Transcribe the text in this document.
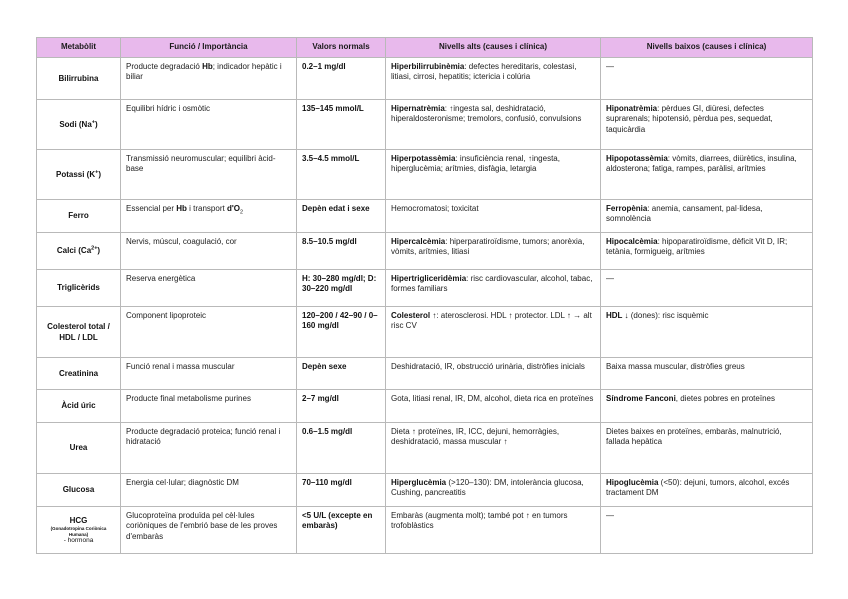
Metabòlit	Funció / Importància	Valors normals	Nivells alts (causes i clínica)	Nivells baixos (causes i clínica)
Bilirrubina	Producte degradació Hb; indicador hepàtic i biliar	0.2–1 mg/dl	Hiperbilirrubinèmia: defectes hereditaris, colestasi, litiasi, cirrosi, hepatitis; ictericia i colúria	—
Sodi (Na+)	Equilibri hídric i osmòtic	135–145 mmol/L	Hipernatrèmia: ↑ingesta sal, deshidratació, hiperaldosteronisme; tremolors, confusió, convulsions	Hiponatrèmia: pèrdues GI, diüresi, defectes suprarenals; hipotensió, pèrdua pes, sequedat, taquicàrdia
Potassi (K+)	Transmissió neuromuscular; equilibri àcid-base	3.5–4.5 mmol/L	Hiperpotassèmia: insuficiència renal, ↑ingesta, hiperglucèmia; arítmies, disfàgia, letargia	Hipopotassèmia: vòmits, diarrees, diürètics, insulina, aldosterona; fatiga, rampes, paràlisi, arítmies
Ferro	Essencial per Hb i transport $d'O_2$	Depèn edat i sexe	Hemocromatosi; toxicitat	Ferropènia: anemia, cansament, pal·lidesa, somnolència
Calci $(Ca^{2+})$	Nervis, múscul, coagulació, cor	8.5–10.5 mg/dl	Hipercalcèmia: hiperparatiroïdisme, tumors; anorèxia, vòmits, arítmies, litiasi	Hipocalcèmia: hipoparatiroïdisme, dèficit Vit D, IR; tetània, formigueig, arítmies
Triglicèrids	Reserva energètica	H: 30–280 mg/dl; D: 30–220 mg/dl	Hipertrigliceridèmia: risc cardiovascular, alcohol, tabac, formes familiars	—
Colesterol total / HDL / LDL	Component lipoproteic	120–200 / 42–90 / 0–160 mg/dl	Colesterol ↑: aterosclerosi. HDL ↑ protector. LDL ↑ → alt risc CV	HDL ↓ (dones): risc isquèmic
Creatinina	Funció renal i massa muscular	Depèn sexe	Deshidratació, IR, obstrucció urinària, distròfies inicials	Baixa massa muscular, distròfies greus
Àcid úric	Producte final metabolisme purines	2–7 mg/dl	Gota, litiasi renal, IR, DM, alcohol, dieta rica en proteïnes	Síndrome Fanconi, dietes pobres en proteïnes
Urea	Producte degradació proteica; funció renal i hidratació	0.6–1.5 mg/dl	Dieta ↑ proteïnes, IR, ICC, dejuni, hemorràgies, deshidratació, massa muscular ↑	Dietes baixes en proteïnes, embaràs, malnutrició, fallada hepàtica
Glucosa	Energia cel·lular; diagnòstic DM	70–110 mg/dl	Hiperglucèmia (>120–130): DM, intolerància glucosa, Cushing, pancreatitis	Hipoglucèmia (<50): dejuni, tumors, alcohol, excés tractament DM
HCG
(Gonadotropina Coriònica Humana)
- hormona	Glucoproteïna produïda pel cèl·lules coriòniques de l'embrió base de les proves d'embaràs	<5 U/L (excepte en embaràs)	Embaràs (augmenta molt); també pot ↑ en tumors trofoblàstics	—
